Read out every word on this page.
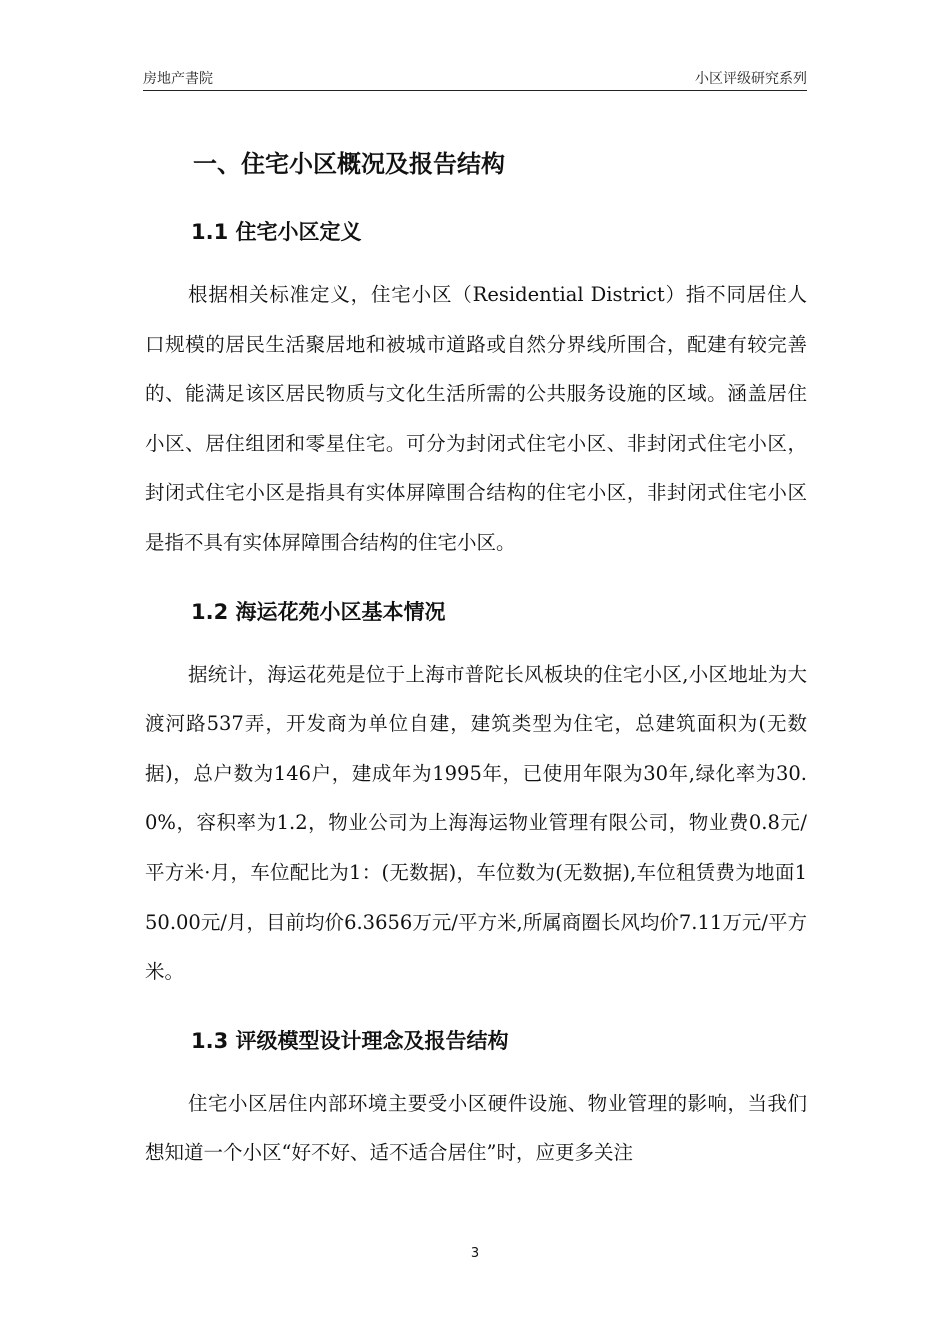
房地产書院	小区评级研究系列
一、住宅小区概况及报告结构
1.1 住宅小区定义

根据相关标准定义，住宅小区（Residential District）指不同居住人口规模的居民生活聚居地和被城市道路或自然分界线所围合，配建有较完善的、能满足该区居民物质与文化生活所需的公共服务设施的区域。涵盖居住小区、居住组团和零星住宅。可分为封闭式住宅小区、非封闭式住宅小区，封闭式住宅小区是指具有实体屏障围合结构的住宅小区，非封闭式住宅小区是指不具有实体屏障围合结构的住宅小区。

1.2 海运花苑小区基本情况

据统计，海运花苑是位于上海市普陀长风板块的住宅小区,小区地址为大渡河路537弄，开发商为单位自建，建筑类型为住宅，总建筑面积为(无数据)，总户数为146户，建成年为1995年，已使用年限为30年,绿化率为30.0%，容积率为1.2，物业公司为上海海运物业管理有限公司，物业费0.8元/平方米·月，车位配比为1：(无数据)，车位数为(无数据),车位租赁费为地面150.00元/月，目前均价6.3656万元/平方米,所属商圈长风均价7.11万元/平方米。

1.3 评级模型设计理念及报告结构

住宅小区居住内部环境主要受小区硬件设施、物业管理的影响，当我们想知道一个小区“好不好、适不适合居住”时，应更多关注

3
